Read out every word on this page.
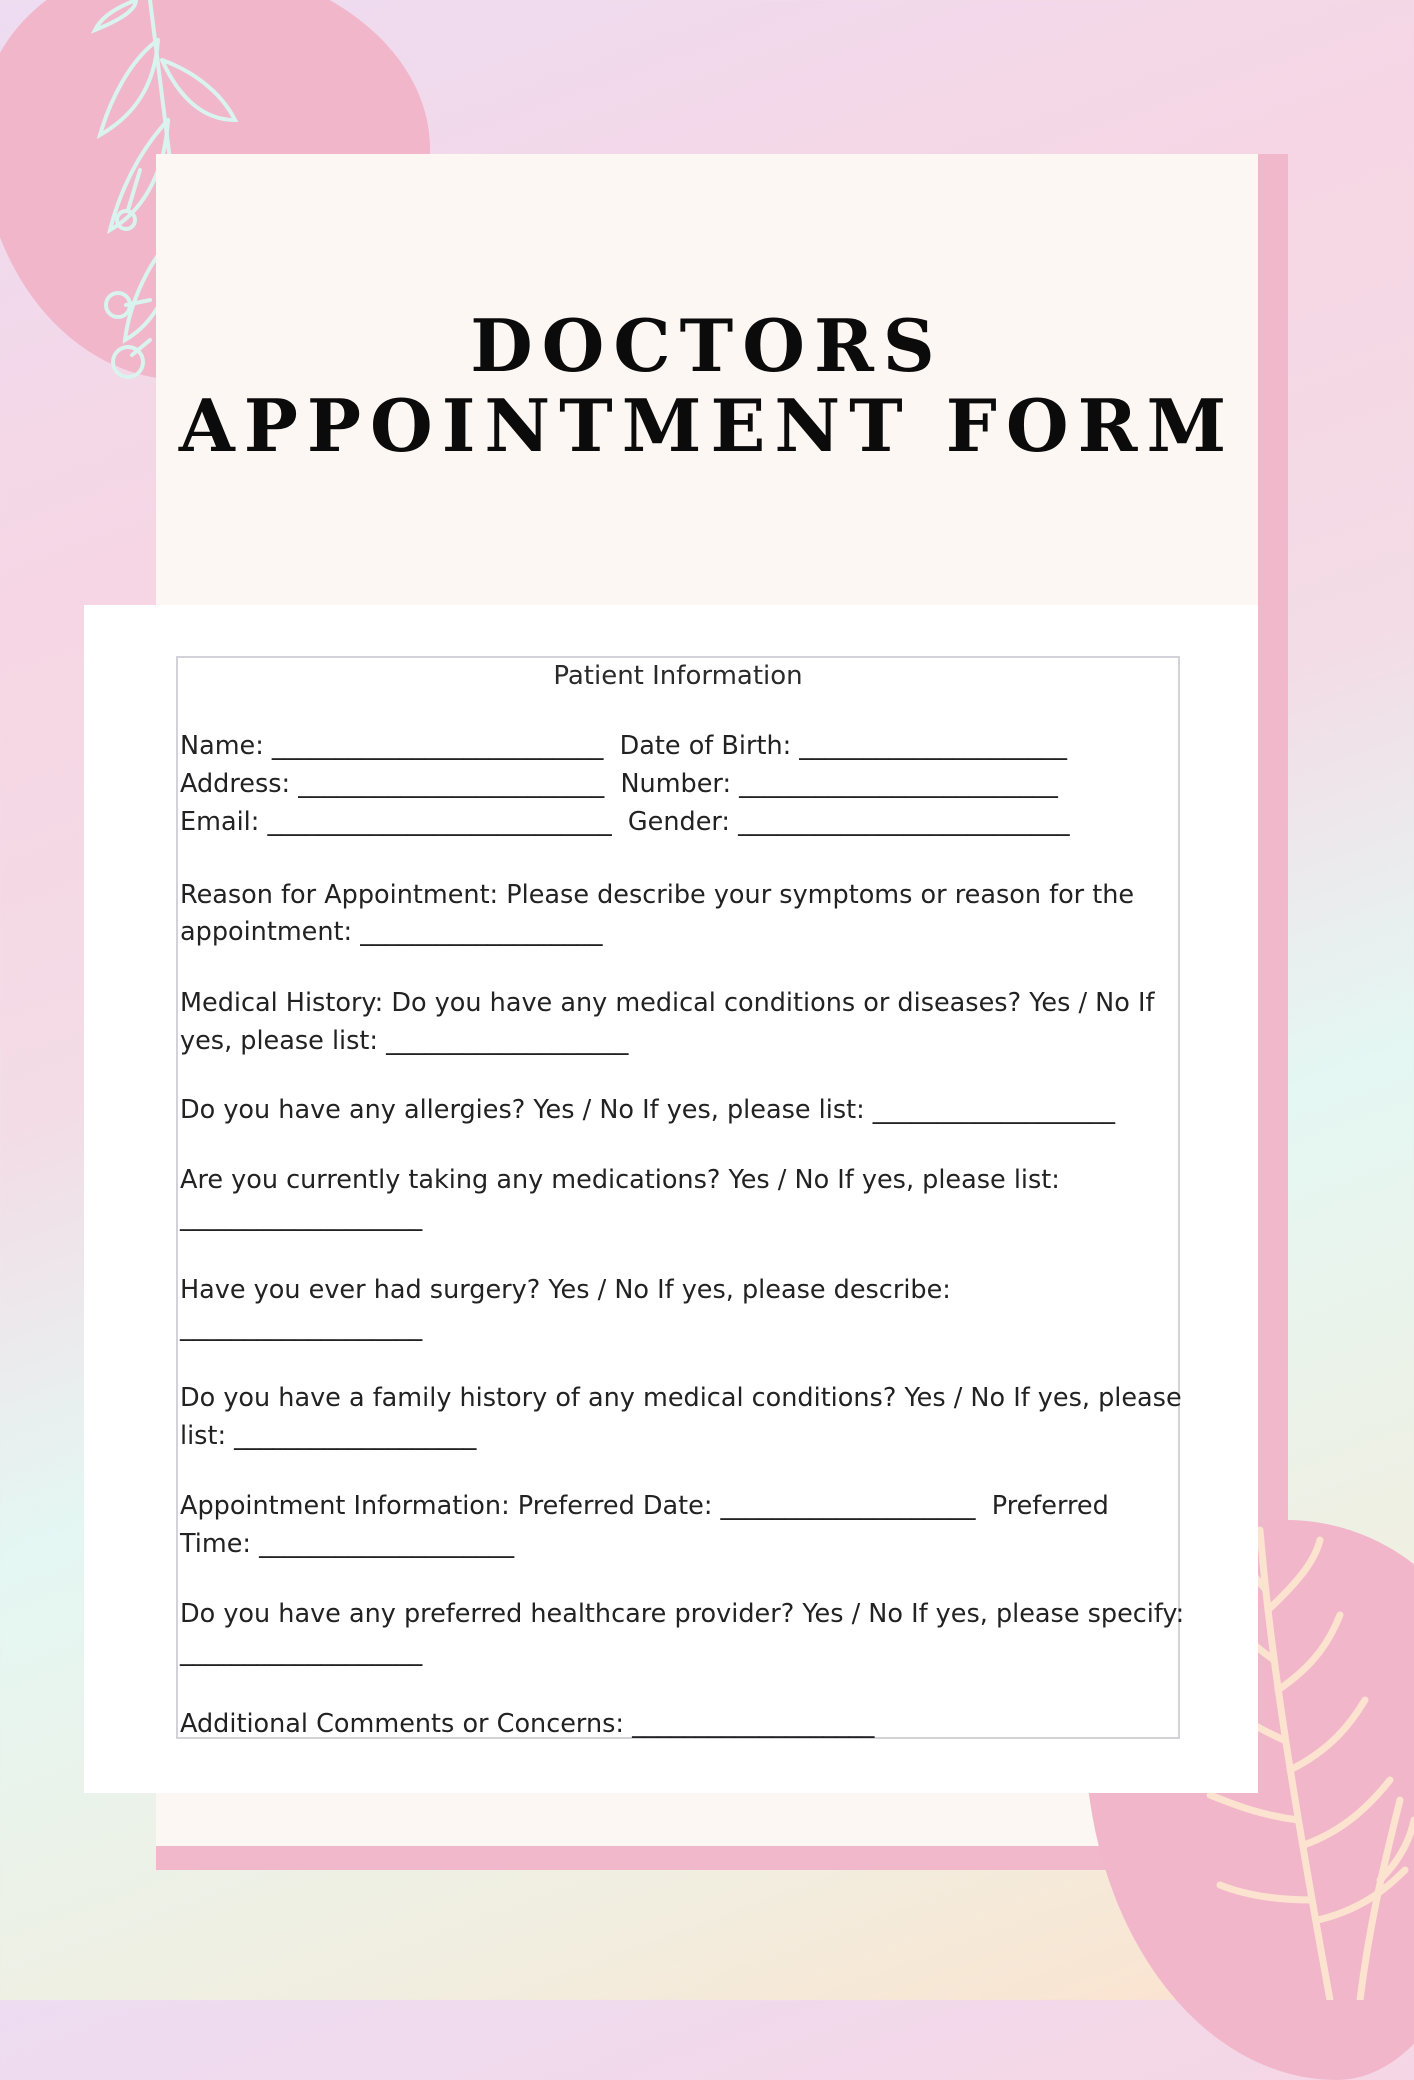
DOCTORS
APPOINTMENT FORM
Patient Information
Name: __________________________  Date of Birth: _____________________
Address: ________________________  Number: _________________________
Email: ___________________________  Gender: __________________________
Reason for Appointment: Please describe your symptoms or reason for the
appointment: ___________________
Medical History: Do you have any medical conditions or diseases? Yes / No If
yes, please list: ___________________
Do you have any allergies? Yes / No If yes, please list: ___________________
Are you currently taking any medications? Yes / No If yes, please list:
___________________
Have you ever had surgery? Yes / No If yes, please describe:
___________________
Do you have a family history of any medical conditions? Yes / No If yes, please
list: ___________________
Appointment Information: Preferred Date: ____________________  Preferred
Time: ____________________
Do you have any preferred healthcare provider? Yes / No If yes, please specify:
___________________
Additional Comments or Concerns: ___________________
